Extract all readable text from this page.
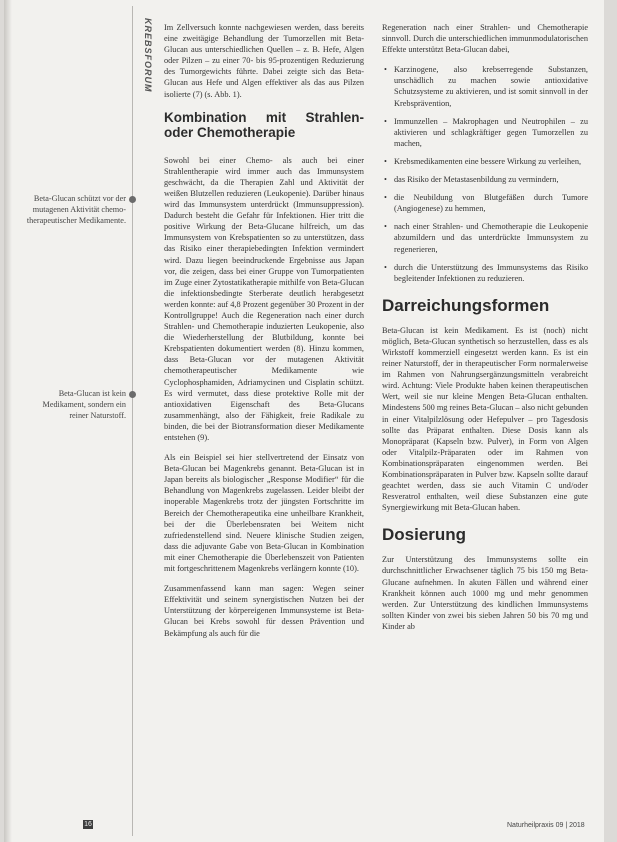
KREBSFORUM
Beta-Glucan schützt vor der mutagenen Aktivität chemo-therapeutischer Medikamente.
Beta-Glucan ist kein Medikament, sondern ein reiner Naturstoff.

Im Zellversuch konnte nachgewiesen werden, dass bereits eine zweitägige Behandlung der Tumorzellen mit Beta-Glucan aus unterschiedlichen Quellen – z. B. Hefe, Algen oder Pilzen – zu einer 70- bis 95-prozentigen Reduzierung des Tumorgewichts führte. Dabei zeigte sich das Beta-Glucan aus Hefe und Algen effektiver als das aus Pilzen isolierte (7) (s. Abb. 1).

Kombination mit Strahlen- oder Chemotherapie

Sowohl bei einer Chemo- als auch bei einer Strahlentherapie wird immer auch das Immunsystem geschwächt, da die Therapien Zahl und Aktivität der weißen Blutzellen reduzieren (Leukopenie). Darüber hinaus wird das Immunsystem unterdrückt (Immunsuppression). Dadurch besteht die Gefahr für Infektionen. Hier tritt die positive Wirkung der Beta-Glucane hilfreich, um das Immunsystem von Krebspatienten so zu unterstützen, dass das Risiko einer therapiebedingten Infektion vermindert wird. Dazu liegen beeindruckende Ergebnisse aus Japan vor, die zeigen, dass bei einer Gruppe von Tumorpatienten im Zuge einer Zytostatikatherapie mithilfe von Beta-Glucan die infektionsbedingte Sterberate deutlich herabgesetzt werden konnte: auf 4,8 Prozent gegenüber 30 Prozent in der Kontrollgruppe! Auch die Regeneration nach einer durch Strahlen- und Chemotherapie induzierten Leukopenie, also die Wiederherstellung der Blutbildung, konnte bei Krebspatienten dokumentiert werden (8). Hinzu kommen, dass Beta-Glucan vor der mutagenen Aktivität chemotherapeutischer Medikamente wie Cyclophosphamiden, Adriamycinen und Cisplatin schützt. Es wird vermutet, dass diese protektive Rolle mit der antioxidativen Eigenschaft des Beta-Glucans zusammenhängt, also der Fähigkeit, freie Radikale zu binden, die bei der Biotransformation dieser Medikamente entstehen (9).

Als ein Beispiel sei hier stellvertretend der Einsatz von Beta-Glucan bei Magenkrebs genannt. Beta-Glucan ist in Japan bereits als biologischer „Response Modifier“ für die Behandlung von Magenkrebs zugelassen. Leider bleibt der inoperable Magenkrebs trotz der jüngsten Fortschritte im Bereich der Chemotherapeutika eine unheilbare Krankheit, bei der die Überlebensraten bei Weitem nicht zufriedenstellend sind. Neuere klinische Studien zeigen, dass die adjuvante Gabe von Beta-Glucan in Kombination mit einer Chemotherapie die Überlebenszeit von Patienten mit fortgeschrittenem Magenkrebs verlängern konnte (10).

Zusammenfassend kann man sagen: Wegen seiner Effektivität und seinem synergistischen Nutzen bei der Unterstützung der körpereigenen Immunsysteme ist Beta-Glucan bei Krebs sowohl für dessen Prävention und Bekämpfung als auch für die

Regeneration nach einer Strahlen- und Chemotherapie sinnvoll. Durch die unterschiedlichen immunmodulatorischen Effekte unterstützt Beta-Glucan dabei,

• Karzinogene, also krebserregende Substanzen, unschädlich zu machen sowie antioxidative Schutzsysteme zu aktivieren, und ist somit sinnvoll in der Krebsprävention,
• Immunzellen – Makrophagen und Neutrophilen – zu aktivieren und schlagkräftiger gegen Tumorzellen zu machen,
• Krebsmedikamenten eine bessere Wirkung zu verleihen,
• das Risiko der Metastasenbildung zu vermindern,
• die Neubildung von Blutgefäßen durch Tumore (Angiogenese) zu hemmen,
• nach einer Strahlen- und Chemotherapie die Leukopenie abzumildern und das unterdrückte Immunsystem zu regenerieren,
• durch die Unterstützung des Immunsystems das Risiko begleitender Infektionen zu reduzieren.
Darreichungsformen

Beta-Glucan ist kein Medikament. Es ist (noch) nicht möglich, Beta-Glucan synthetisch so herzustellen, dass es als Wirkstoff kommerziell eingesetzt werden kann. Es ist ein reiner Naturstoff, der in therapeutischer Form normalerweise im Rahmen von Nahrungsergänzungsmitteln verabreicht wird. Achtung: Viele Produkte haben keinen therapeutischen Wert, weil sie nur kleine Mengen Beta-Glucan enthalten. Mindestens 500 mg reines Beta-Glucan – also nicht gebunden in einer Vitalpilzlösung oder Hefepulver – pro Tagesdosis sollte das Präparat enthalten. Diese Dosis kann als Monopräparat (Kapseln bzw. Pulver), in Form von Algen oder Vitalpilz-Präparaten oder im Rahmen von Kombinationspräparaten eingenommen werden. Bei Kombinationspräparaten in Pulver bzw. Kapseln sollte darauf geachtet werden, dass sie auch Vitamin C und/oder Resveratrol enthalten, weil diese Substanzen eine gute Synergiewirkung mit Beta-Glucan haben.

Dosierung

Zur Unterstützung des Immunsystems sollte ein durchschnittlicher Erwachsener täglich 75 bis 150 mg Beta-Glucane aufnehmen. In akuten Fällen und während einer Krankheit können auch 1000 mg und mehr genommen werden. Zur Unterstützung des kindlichen Immunsystems sollten Kinder von zwei bis sieben Jahren 50 bis 70 mg und Kinder ab

16	Naturheilpraxis 09 | 2018
